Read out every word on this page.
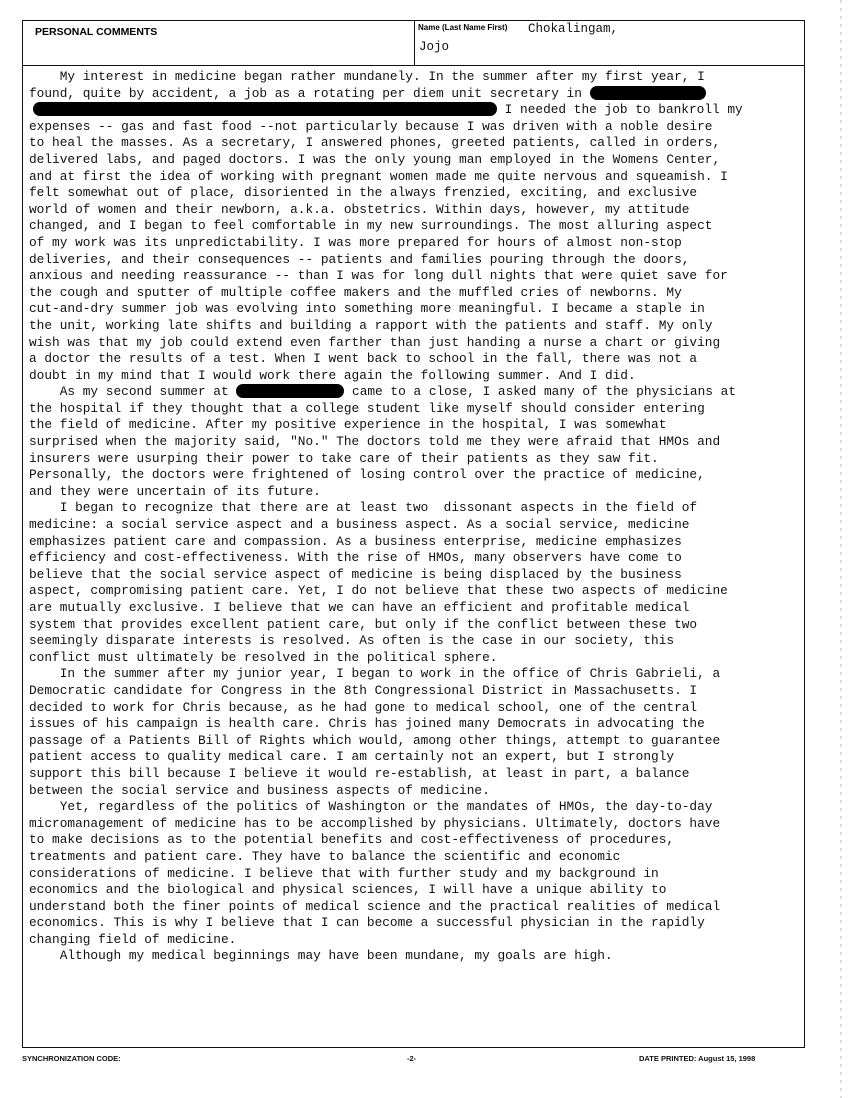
PERSONAL COMMENTS	Name (Last Name First) Chokalingam,
Jojo
My interest in medicine began rather mundanely. In the summer after my first year, I
found, quite by accident, a job as a rotating per diem unit secretary in
I needed the job to bankroll my
expenses -- gas and fast food --not particularly because I was driven with a noble desire
to heal the masses. As a secretary, I answered phones, greeted patients, called in orders,
delivered labs, and paged doctors. I was the only young man employed in the Womens Center,
and at first the idea of working with pregnant women made me quite nervous and squeamish. I
felt somewhat out of place, disoriented in the always frenzied, exciting, and exclusive
world of women and their newborn, a.k.a. obstetrics. Within days, however, my attitude
changed, and I began to feel comfortable in my new surroundings. The most alluring aspect
of my work was its unpredictability. I was more prepared for hours of almost non-stop
deliveries, and their consequences -- patients and families pouring through the doors,
anxious and needing reassurance -- than I was for long dull nights that were quiet save for
the cough and sputter of multiple coffee makers and the muffled cries of newborns. My
cut-and-dry summer job was evolving into something more meaningful. I became a staple in
the unit, working late shifts and building a rapport with the patients and staff. My only
wish was that my job could extend even farther than just handing a nurse a chart or giving
a doctor the results of a test. When I went back to school in the fall, there was not a
doubt in my mind that I would work there again the following summer. And I did.
As my second summer at	came to a close, I asked many of the physicians at
the hospital if they thought that a college student like myself should consider entering
the field of medicine. After my positive experience in the hospital, I was somewhat
surprised when the majority said, "No." The doctors told me they were afraid that HMOs and
insurers were usurping their power to take care of their patients as they saw fit.
Personally, the doctors were frightened of losing control over the practice of medicine,
and they were uncertain of its future.
I began to recognize that there are at least two  dissonant aspects in the field of
medicine: a social service aspect and a business aspect. As a social service, medicine
emphasizes patient care and compassion. As a business enterprise, medicine emphasizes
efficiency and cost-effectiveness. With the rise of HMOs, many observers have come to
believe that the social service aspect of medicine is being displaced by the business
aspect, compromising patient care. Yet, I do not believe that these two aspects of medicine
are mutually exclusive. I believe that we can have an efficient and profitable medical
system that provides excellent patient care, but only if the conflict between these two
seemingly disparate interests is resolved. As often is the case in our society, this
conflict must ultimately be resolved in the political sphere.
In the summer after my junior year, I began to work in the office of Chris Gabrieli, a
Democratic candidate for Congress in the 8th Congressional District in Massachusetts. I
decided to work for Chris because, as he had gone to medical school, one of the central
issues of his campaign is health care. Chris has joined many Democrats in advocating the
passage of a Patients Bill of Rights which would, among other things, attempt to guarantee
patient access to quality medical care. I am certainly not an expert, but I strongly
support this bill because I believe it would re-establish, at least in part, a balance
between the social service and business aspects of medicine.
Yet, regardless of the politics of Washington or the mandates of HMOs, the day-to-day
micromanagement of medicine has to be accomplished by physicians. Ultimately, doctors have
to make decisions as to the potential benefits and cost-effectiveness of procedures,
treatments and patient care. They have to balance the scientific and economic
considerations of medicine. I believe that with further study and my background in
economics and the biological and physical sciences, I will have a unique ability to
understand both the finer points of medical science and the practical realities of medical
economics. This is why I believe that I can become a successful physician in the rapidly
changing field of medicine.
Although my medical beginnings may have been mundane, my goals are high.
SYNCHRONIZATION CODE:	-2-	DATE PRINTED: August 15, 1998
